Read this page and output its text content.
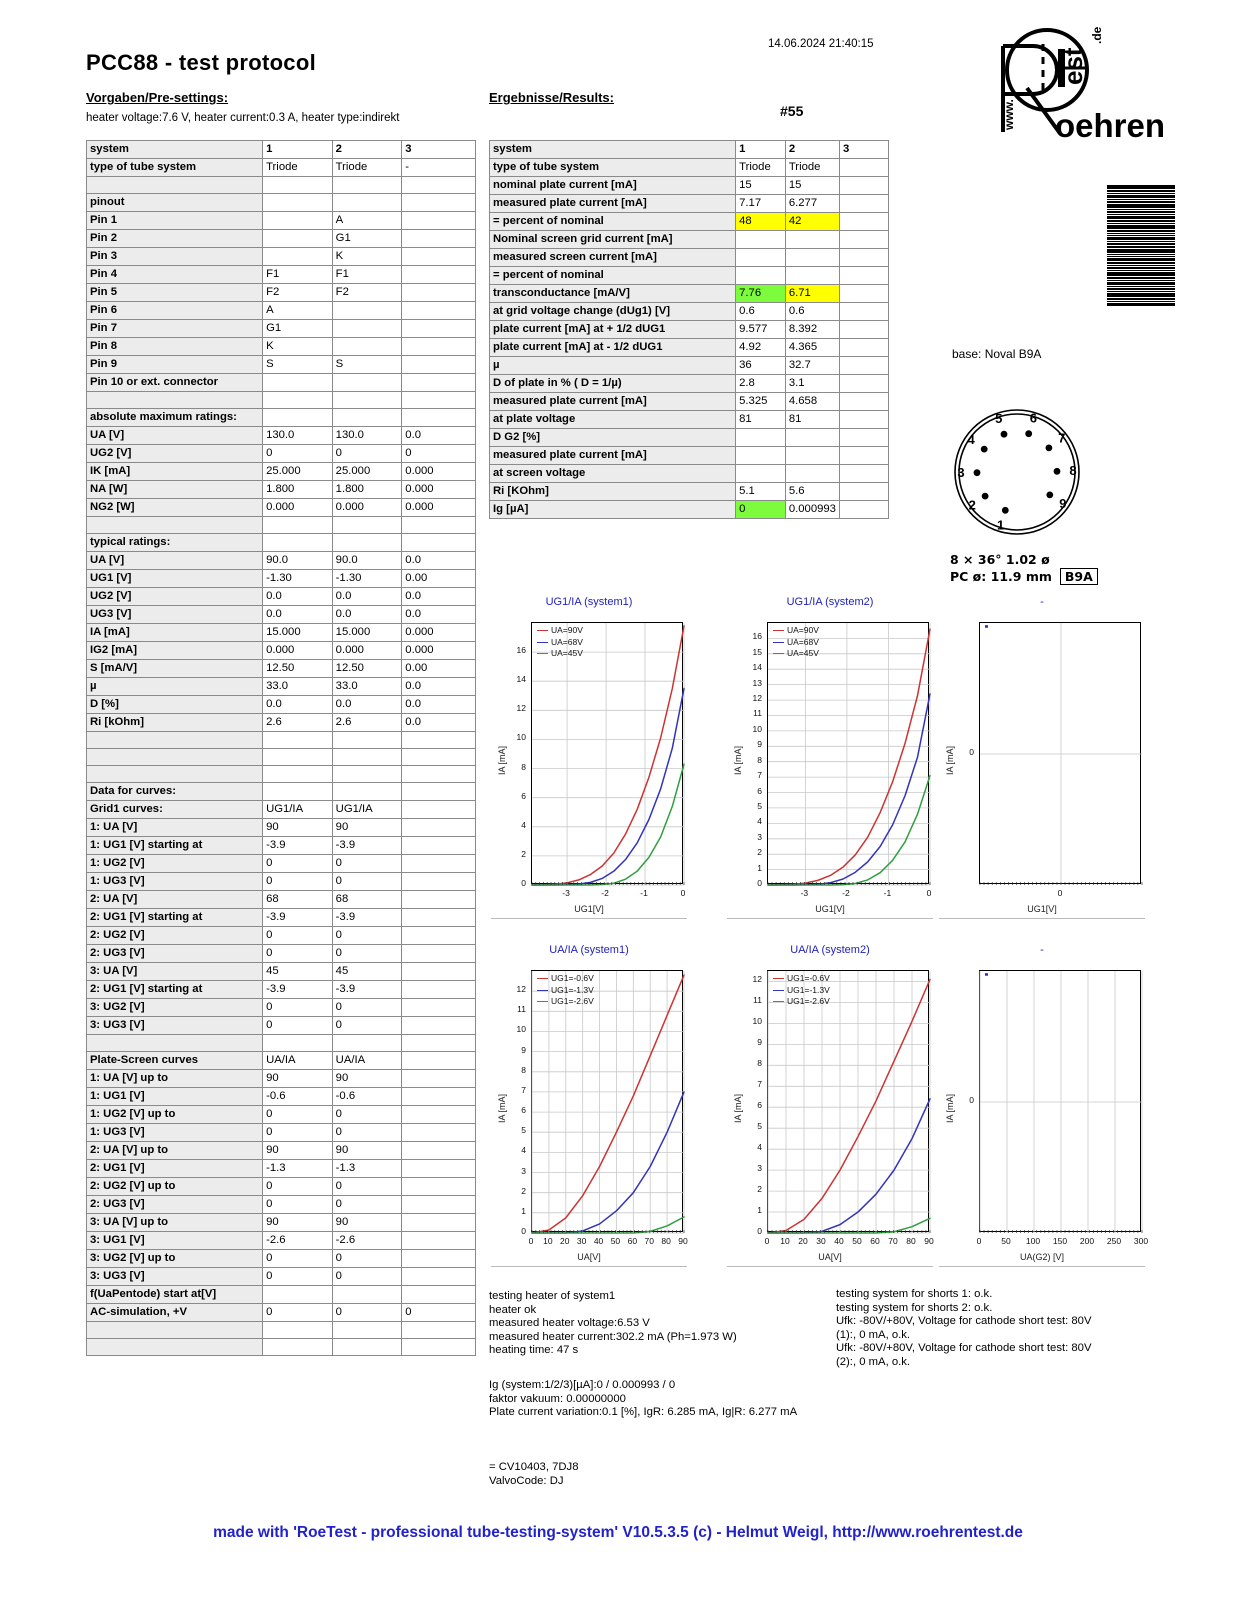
PCC88 - test protocol
14.06.2024 21:40:15
Vorgaben/Pre-settings:	Ergebnisse/Results:
heater voltage:7.6 V, heater current:0.3 A, heater type:indirekt	#55	oehren
est
.de
www.
base: Noval B9A
1
2
3
4
5 6
7
8
9
8 × 36° 1.02 ø
PC ø: 11.9 mm B9A
system	1	2	3
type of tube system	Triode	Triode	-

pinout			
Pin 1		A	
Pin 2		G1	
Pin 3		K	
Pin 4	F1	F1	
Pin 5	F2	F2	
Pin 6	A		
Pin 7	G1		
Pin 8	K		
Pin 9	S	S	
Pin 10 or ext. connector			

absolute maximum ratings:			
UA [V]	130.0	130.0	0.0
UG2 [V]	0	0	0
IK [mA]	25.000	25.000	0.000
NA [W]	1.800	1.800	0.000
NG2 [W]	0.000	0.000	0.000

typical ratings:			
UA [V]	90.0	90.0	0.0
UG1 [V]	-1.30	-1.30	0.00
UG2 [V]	0.0	0.0	0.0
UG3 [V]	0.0	0.0	0.0
IA [mA]	15.000	15.000	0.000
IG2 [mA]	0.000	0.000	0.000
S [mA/V]	12.50	12.50	0.00
µ	33.0	33.0	0.0
D [%]	0.0	0.0	0.0
Ri [kOhm]	2.6	2.6	0.0

Data for curves:			
Grid1 curves:	UG1/IA	UG1/IA	
1: UA [V]	90	90	
1: UG1 [V] starting at	-3.9	-3.9	
1: UG2 [V]	0	0	
1: UG3 [V]	0	0	
2: UA [V]	68	68	
2: UG1 [V] starting at	-3.9	-3.9	
2: UG2 [V]	0	0	
2: UG3 [V]	0	0	
3: UA [V]	45	45	
2: UG1 [V] starting at	-3.9	-3.9	
3: UG2 [V]	0	0	
3: UG3 [V]	0	0	

Plate-Screen curves	UA/IA	UA/IA	
1: UA [V] up to	90	90	
1: UG1 [V]	-0.6	-0.6	
1: UG2 [V] up to	0	0	
1: UG3 [V]	0	0	
2: UA [V] up to	90	90	
2: UG1 [V]	-1.3	-1.3	
2: UG2 [V] up to	0	0	
2: UG3 [V]	0	0	
3: UA [V] up to	90	90	
3: UG1 [V]	-2.6	-2.6	
3: UG2 [V] up to	0	0	
3: UG3 [V]	0	0	
f(UaPentode) start at[V]			
AC-simulation, +V	0	0	0

system	1	2	3
type of tube system	Triode	Triode	
nominal plate current [mA]	15	15	
measured plate current [mA]	7.17	6.277	
= percent of nominal	48	42	
Nominal screen grid current [mA]			
measured screen current [mA]			
= percent of nominal			
transconductance [mA/V]	7.76	6.71	
at grid voltage change (dUg1) [V]	0.6	0.6	
plate current [mA] at + 1/2 dUG1	9.577	8.392	
plate current [mA] at - 1/2 dUG1	4.92	4.365	
µ	36	32.7	
D of plate in % ( D = 1/µ)	2.8	3.1	
measured plate current [mA]	5.325	4.658	
at plate voltage	81	81	
D G2 [%]			
measured plate current [mA]			
at screen voltage			
Ri [KOhm]	5.1	5.6	
Ig [µA]	0	0.000993	
UG1/IA (system1)
0
2
4
6
8
10
12
14
16
-3	-2	-1	0
IA [mA]
UG1[V]
UA=90V
UA=68V
UA=45V
UG1/IA (system2)
0
1
2
3
4
5
6
7
8
9
10
11
12
13
14
15
16
-3	-2	-1	0
IA [mA]
UG1[V]
UA=90V
UA=68V
UA=45V
-
0
0
IA [mA]
UG1[V]
UA/IA (system1)
0
1
2
3
4
5
6
7
8
9
10
11
12
0	10 20 30 40 50 60 70 80 90
IA [mA]
UA[V]
UG1=-0.6V
UG1=-1.3V
UG1=-2.6V
UA/IA (system2)
0
1
2
3
4
5
6
7
8
9
10
11
12
0	10	20	30	40	50	60	70	80	90
IA [mA]
UA[V]
UG1=-0.6V
UG1=-1.3V
UG1=-2.6V
-
0
0	50	100	150	200	250	300
IA [mA]
UA(G2) [V]
testing heater of system1
heater ok
measured heater voltage:6.53 V
measured heater current:302.2 mA (Ph=1.973 W)
heating time: 47 s
testing system for shorts 1: o.k.
testing system for shorts 2: o.k.
Ufk: -80V/+80V, Voltage for cathode short test: 80V
(1):, 0 mA, o.k.
Ufk: -80V/+80V, Voltage for cathode short test: 80V
(2):, 0 mA, o.k.
Ig (system:1/2/3)[µA]:0 / 0.000993 / 0
faktor vakuum: 0.00000000
Plate current variation:0.1 [%], IgR: 6.285 mA, Ig|R: 6.277 mA
= CV10403, 7DJ8
ValvoCode: DJ
made with 'RoeTest - professional tube-testing-system' V10.5.3.5 (c) - Helmut Weigl, http://www.roehrentest.de
